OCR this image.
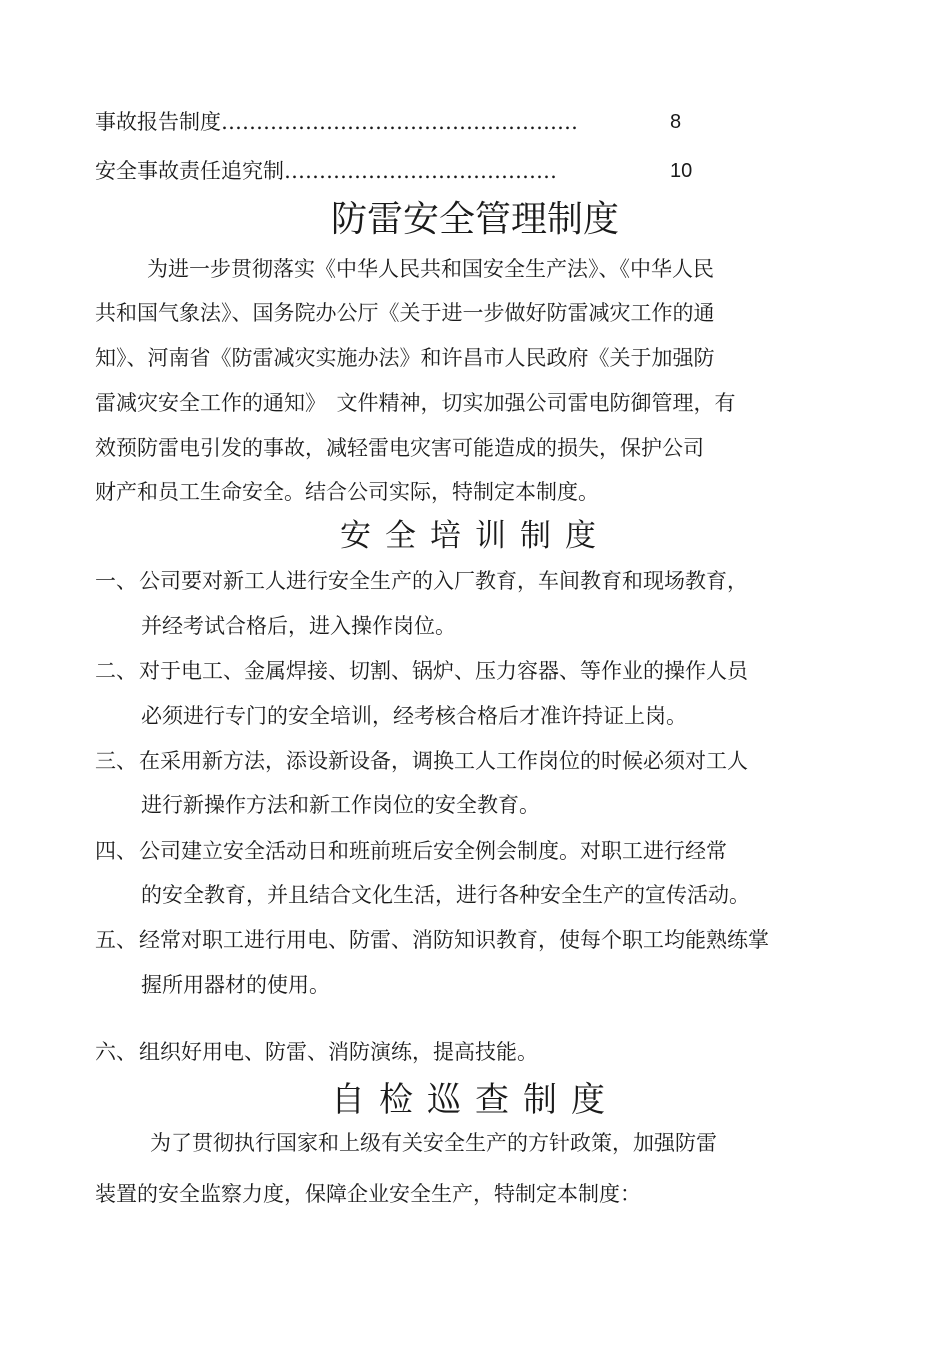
事故报告制度……………………………………………	8
安全事故责任追究制…………………………………	10
防雷安全管理制度
为进一步贯彻落实《中华人民共和国安全生产法》、《中华人民
共和国气象法》、国务院办公厅《关于进一步做好防雷减灾工作的通
知》、河南省《防雷减灾实施办法》和许昌市人民政府《关于加强防
雷减灾安全工作的通知》　文件精神，切实加强公司雷电防御管理，有
效预防雷电引发的事故，减轻雷电灾害可能造成的损失，保护公司
财产和员工生命安全。结合公司实际，特制定本制度。
安全培训制度
一、公司要对新工人进行安全生产的入厂教育，车间教育和现场教育，
并经考试合格后，进入操作岗位。
二、对于电工、金属焊接、切割、锅炉、压力容器、等作业的操作人员
必须进行专门的安全培训，经考核合格后才准许持证上岗。
三、在采用新方法，添设新设备，调换工人工作岗位的时候必须对工人
进行新操作方法和新工作岗位的安全教育。
四、公司建立安全活动日和班前班后安全例会制度。对职工进行经常
的安全教育，并且结合文化生活，进行各种安全生产的宣传活动。
五、经常对职工进行用电、防雷、消防知识教育，使每个职工均能熟练掌
握所用器材的使用。
六、组织好用电、防雷、消防演练，提高技能。
自检巡查制度
为了贯彻执行国家和上级有关安全生产的方针政策，加强防雷
装置的安全监察力度，保障企业安全生产，特制定本制度：
